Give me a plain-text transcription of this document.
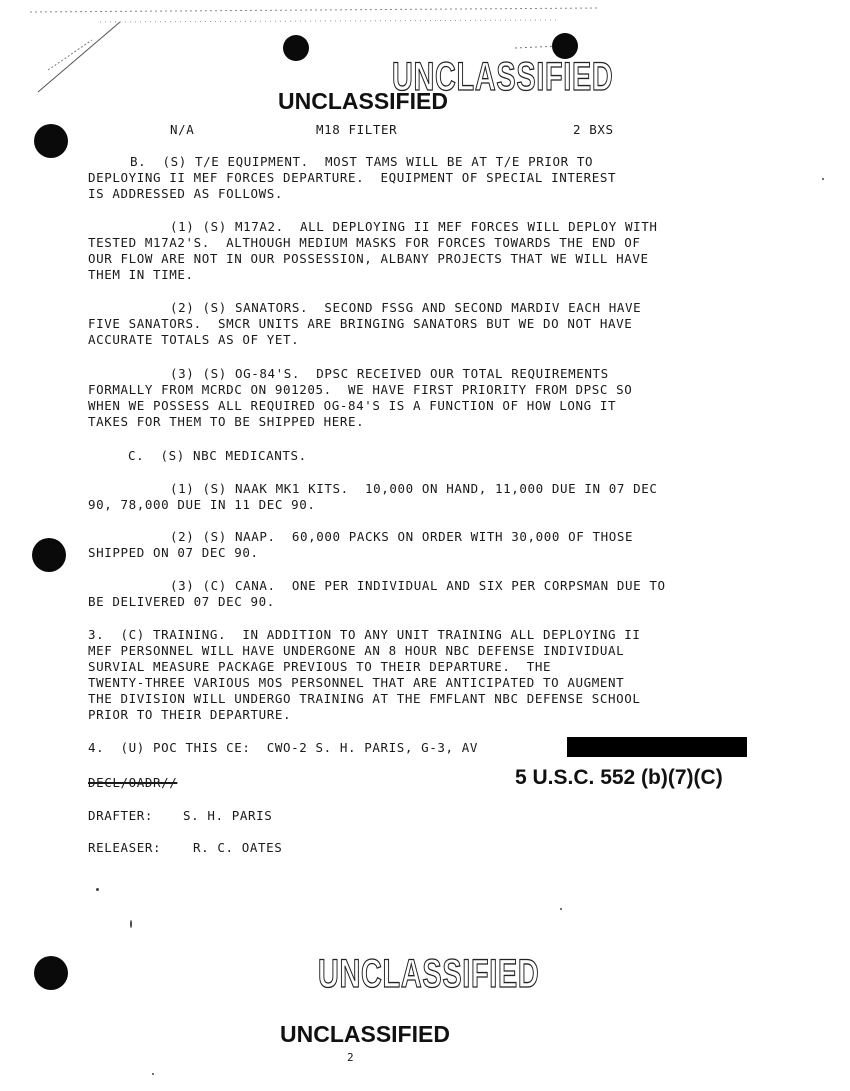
UNCLASSIFIED
UNCLASSIFIED
N/A	M18 FILTER	2 BXS
B.  (S) T/E EQUIPMENT.  MOST TAMS WILL BE AT T/E PRIOR TO
DEPLOYING II MEF FORCES DEPARTURE.  EQUIPMENT OF SPECIAL INTEREST
IS ADDRESSED AS FOLLOWS.
(1) (S) M17A2.  ALL DEPLOYING II MEF FORCES WILL DEPLOY WITH
TESTED M17A2'S.  ALTHOUGH MEDIUM MASKS FOR FORCES TOWARDS THE END OF
OUR FLOW ARE NOT IN OUR POSSESSION, ALBANY PROJECTS THAT WE WILL HAVE
THEM IN TIME.
(2) (S) SANATORS.  SECOND FSSG AND SECOND MARDIV EACH HAVE
FIVE SANATORS.  SMCR UNITS ARE BRINGING SANATORS BUT WE DO NOT HAVE
ACCURATE TOTALS AS OF YET.
(3) (S) OG-84'S.  DPSC RECEIVED OUR TOTAL REQUIREMENTS
FORMALLY FROM MCRDC ON 901205.  WE HAVE FIRST PRIORITY FROM DPSC SO
WHEN WE POSSESS ALL REQUIRED OG-84'S IS A FUNCTION OF HOW LONG IT
TAKES FOR THEM TO BE SHIPPED HERE.
C.  (S) NBC MEDICANTS.
(1) (S) NAAK MK1 KITS.  10,000 ON HAND, 11,000 DUE IN 07 DEC
90, 78,000 DUE IN 11 DEC 90.
(2) (S) NAAP.  60,000 PACKS ON ORDER WITH 30,000 OF THOSE
SHIPPED ON 07 DEC 90.
(3) (C) CANA.  ONE PER INDIVIDUAL AND SIX PER CORPSMAN DUE TO
BE DELIVERED 07 DEC 90.
3.  (C) TRAINING.  IN ADDITION TO ANY UNIT TRAINING ALL DEPLOYING II
MEF PERSONNEL WILL HAVE UNDERGONE AN 8 HOUR NBC DEFENSE INDIVIDUAL
SURVIAL MEASURE PACKAGE PREVIOUS TO THEIR DEPARTURE.  THE
TWENTY-THREE VARIOUS MOS PERSONNEL THAT ARE ANTICIPATED TO AUGMENT
THE DIVISION WILL UNDERGO TRAINING AT THE FMFLANT NBC DEFENSE SCHOOL
PRIOR TO THEIR DEPARTURE.
4.  (U) POC THIS CE:  CWO-2 S. H. PARIS, G-3, AV
DECL/OADR//	5 U.S.C. 552 (b)(7)(C)
DRAFTER: S. H. PARIS
RELEASER:	R. C. OATES
UNCLASSIFIED
UNCLASSIFIED
2
